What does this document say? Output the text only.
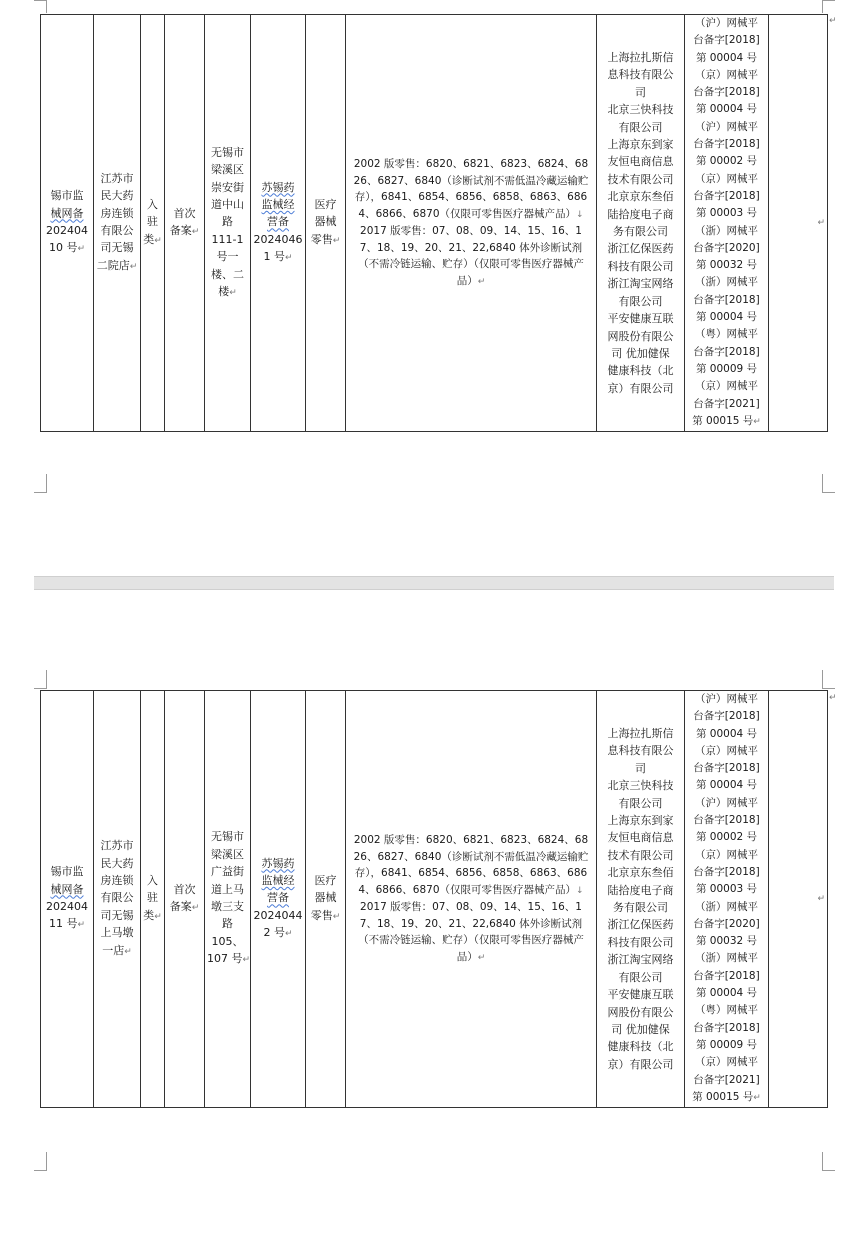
锡市监
械网备
202404
10 号↵

江苏市
民大药
房连锁
有限公
司无锡
二院店↵

入
驻
类↵

首次
备案↵

无锡市
梁溪区
崇安街
道中山
路
111-1
号一
楼、二
楼↵

苏锡药
监械经
营备
2024046
1 号↵

医疗
器械
零售↵

2002 版零售：6820、6821、6823、6824、6826、6827、6840（诊断试剂不需低温冷藏运输贮存），6841、6854、6856、6858、6863、6864、6866、6870（仅限可零售医疗器械产品）↓
2017 版零售：07、08、09、14、15、16、17、18、19、20、21、22,6840 体外诊断试剂（不需冷链运输、贮存）（仅限可零售医疗器械产品）↵

上海拉扎斯信
息科技有限公
司
北京三快科技
有限公司
上海京东到家
友恒电商信息
技术有限公司
北京京东叁佰
陆拾度电子商
务有限公司
浙江亿保医药
科技有限公司
浙江淘宝网络
有限公司
平安健康互联
网股份有限公
司 优加健保
健康科技（北
京）有限公司

（沪）网械平
台备字[2018]
第 00004 号
（京）网械平
台备字[2018]
第 00004 号
（沪）网械平
台备字[2018]
第 00002 号
（京）网械平
台备字[2018]
第 00003 号
（浙）网械平
台备字[2020]
第 00032 号
（浙）网械平
台备字[2018]
第 00004 号
（粤）网械平
台备字[2018]
第 00009 号
（京）网械平
台备字[2021]
第 00015 号↵
	↵
↵
锡市监
械网备
202404
11 号↵

江苏市
民大药
房连锁
有限公
司无锡
上马墩
一店↵

入
驻
类↵

首次
备案↵

无锡市
梁溪区
广益街
道上马
墩三支
路
105、
107 号↵

苏锡药
监械经
营备
2024044
2 号↵

医疗
器械
零售↵

2002 版零售：6820、6821、6823、6824、6826、6827、6840（诊断试剂不需低温冷藏运输贮存），6841、6854、6856、6858、6863、6864、6866、6870（仅限可零售医疗器械产品）↓
2017 版零售：07、08、09、14、15、16、17、18、19、20、21、22,6840 体外诊断试剂（不需冷链运输、贮存）（仅限可零售医疗器械产品）↵

上海拉扎斯信
息科技有限公
司
北京三快科技
有限公司
上海京东到家
友恒电商信息
技术有限公司
北京京东叁佰
陆拾度电子商
务有限公司
浙江亿保医药
科技有限公司
浙江淘宝网络
有限公司
平安健康互联
网股份有限公
司 优加健保
健康科技（北
京）有限公司

（沪）网械平
台备字[2018]
第 00004 号
（京）网械平
台备字[2018]
第 00004 号
（沪）网械平
台备字[2018]
第 00002 号
（京）网械平
台备字[2018]
第 00003 号
（浙）网械平
台备字[2020]
第 00032 号
（浙）网械平
台备字[2018]
第 00004 号
（粤）网械平
台备字[2018]
第 00009 号
（京）网械平
台备字[2021]
第 00015 号↵
	↵
↵
